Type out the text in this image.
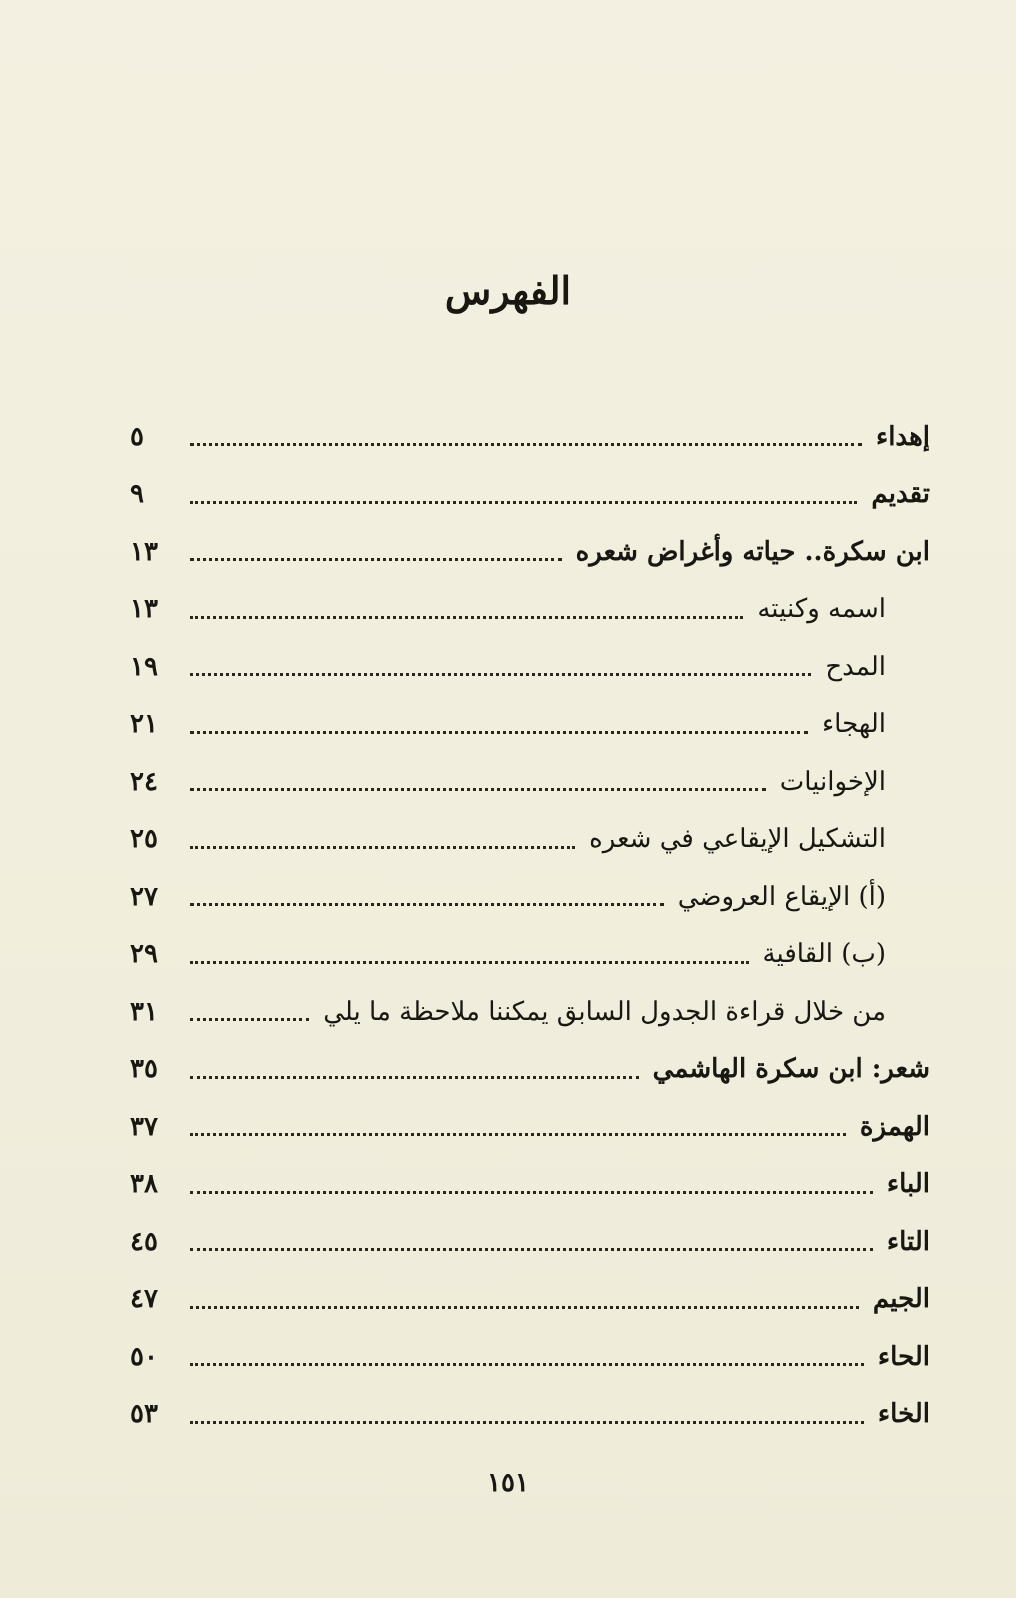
الفهرس
إهداء
٥
تقديم
٩
ابن سكرة.. حياته وأغراض شعره
١٣
اسمه وكنيته
١٣
المدح
١٩
الهجاء
٢١
الإخوانيات
٢٤
التشكيل الإيقاعي في شعره
٢٥
(أ) الإيقاع العروضي
٢٧
(ب) القافية
٢٩
من خلال قراءة الجدول السابق يمكننا ملاحظة ما يلي
٣١
شعر: ابن سكرة الهاشمي
٣٥
الهمزة
٣٧
الباء
٣٨
التاء
٤٥
الجيم
٤٧
الحاء
٥٠
الخاء
٥٣
١٥١
